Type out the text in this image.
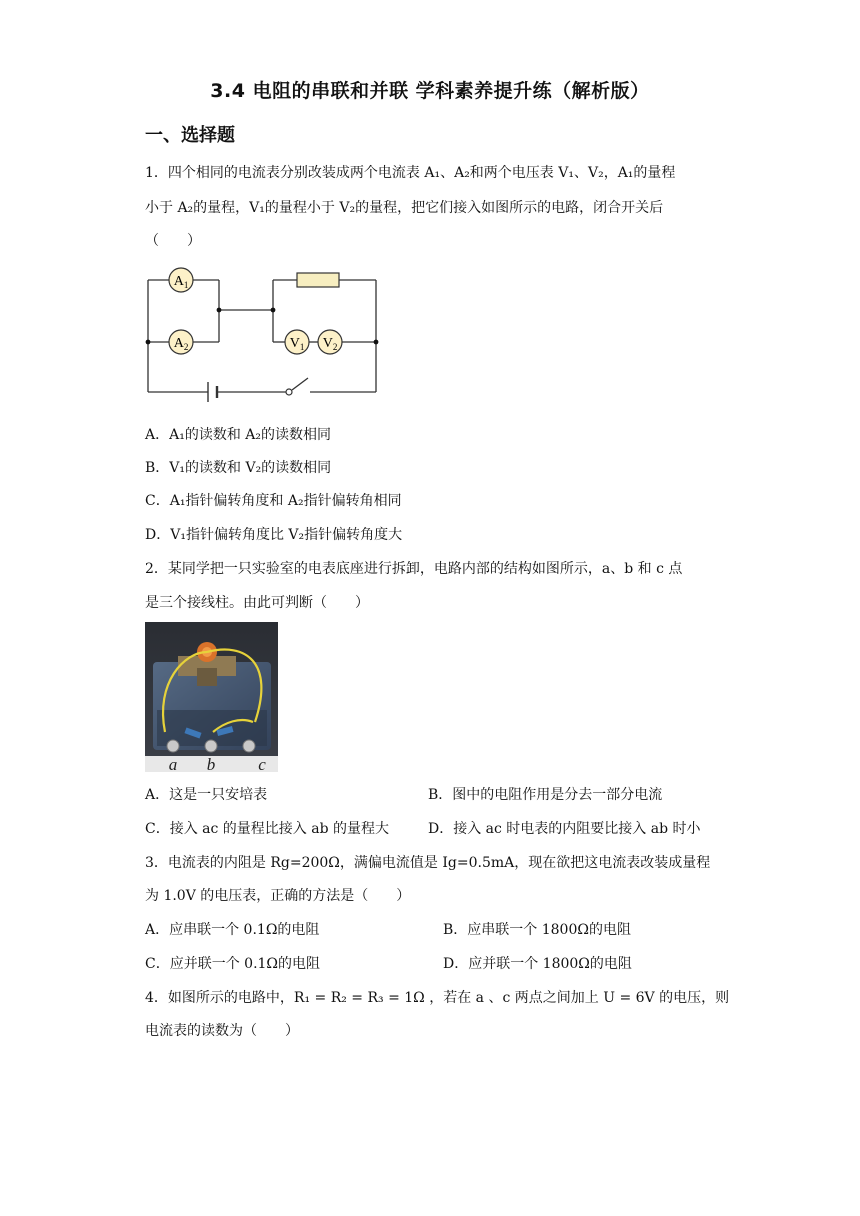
3.4 电阻的串联和并联 学科素养提升练（解析版）
一、选择题
1．四个相同的电流表分别改装成两个电流表 A₁、A₂和两个电压表 V₁、V₂，A₁的量程
小于 A₂的量程，V₁的量程小于 V₂的量程，把它们接入如图所示的电路，闭合开关后
（　　）
$A_1$
$A_2$	$V_1$ $V_2$
A．A₁的读数和 A₂的读数相同
B．V₁的读数和 V₂的读数相同
C．A₁指针偏转角度和 A₂指针偏转角相同
D．V₁指针偏转角度比 V₂指针偏转角度大
2．某同学把一只实验室的电表底座进行拆卸，电路内部的结构如图所示，a、b 和 c 点
是三个接线柱。由此可判断（　　）
a b	c
A．这是一只安培表	B．图中的电阻作用是分去一部分电流
C．接入 ac 的量程比接入 ab 的量程大	D．接入 ac 时电表的内阻要比接入 ab 时小
3．电流表的内阻是 Rg=200Ω，满偏电流值是 Ig=0.5mA，现在欲把这电流表改装成量程
为 1.0V 的电压表，正确的方法是（　　）
A．应串联一个 0.1Ω的电阻	B．应串联一个 1800Ω的电阻
C．应并联一个 0.1Ω的电阻	D．应并联一个 1800Ω的电阻
4．如图所示的电路中，R₁ = R₂ = R₃ = 1Ω ，若在 a 、c 两点之间加上 U = 6V 的电压，则
电流表的读数为（　　）
